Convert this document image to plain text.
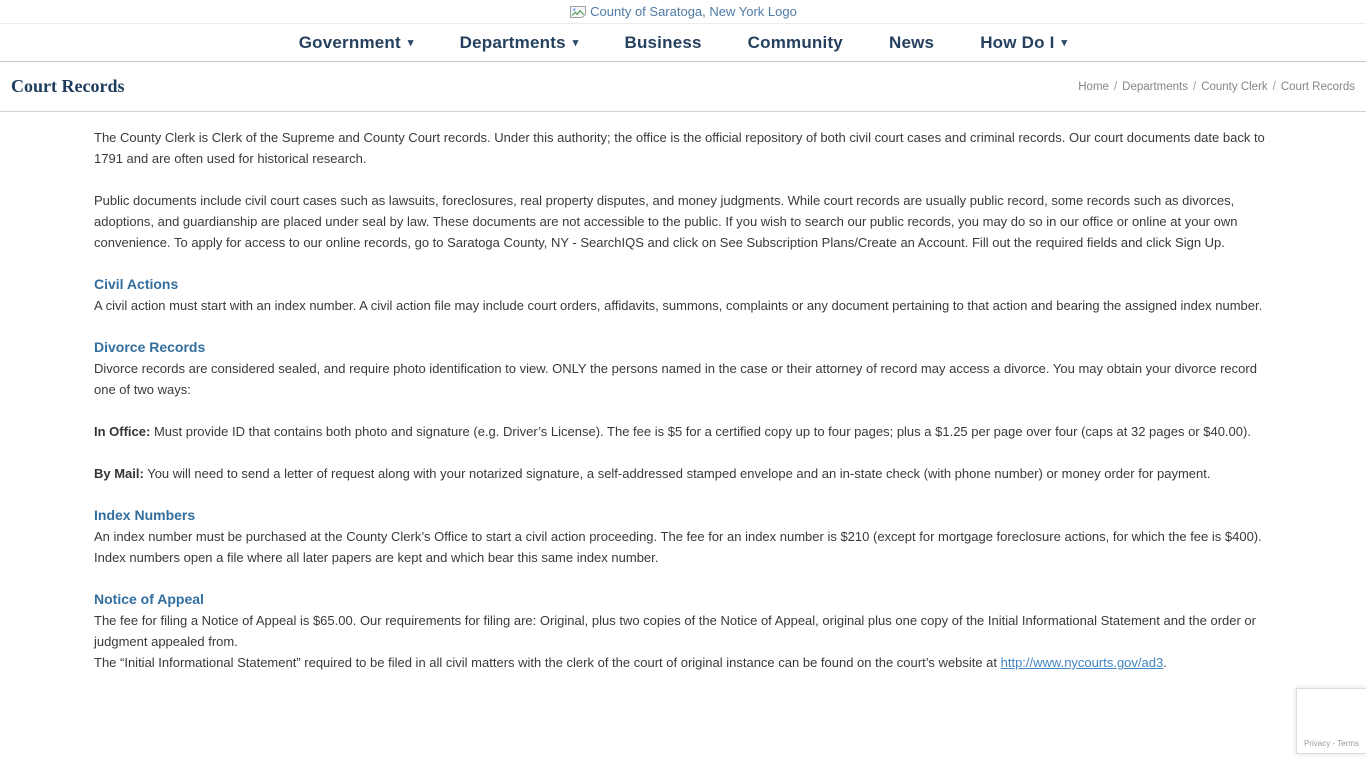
County of Saratoga, New York Logo
Government ▾	Departments ▾	Business	Community	News	How Do I ▾
Court Records	Home / Departments / County Clerk / Court Records

The County Clerk is Clerk of the Supreme and County Court records. Under this authority; the office is the official repository of both civil court cases and criminal records. Our court documents date back to 1791 and are often used for historical research.

Public documents include civil court cases such as lawsuits, foreclosures, real property disputes, and money judgments. While court records are usually public record, some records such as divorces, adoptions, and guardianship are placed under seal by law. These documents are not accessible to the public. If you wish to search our public records, you may do so in our office or online at your own convenience. To apply for access to our online records, go to Saratoga County, NY - SearchIQS and click on See Subscription Plans/Create an Account. Fill out the required fields and click Sign Up.

Civil Actions

A civil action must start with an index number. A civil action file may include court orders, affidavits, summons, complaints or any document pertaining to that action and bearing the assigned index number.

Divorce Records

Divorce records are considered sealed, and require photo identification to view. ONLY the persons named in the case or their attorney of record may access a divorce. You may obtain your divorce record one of two ways:

In Office: Must provide ID that contains both photo and signature (e.g. Driver’s License). The fee is $5 for a certified copy up to four pages; plus a $1.25 per page over four (caps at 32 pages or $40.00).

By Mail: You will need to send a letter of request along with your notarized signature, a self-addressed stamped envelope and an in-state check (with phone number) or money order for payment.

Index Numbers

An index number must be purchased at the County Clerk’s Office to start a civil action proceeding. The fee for an index number is $210 (except for mortgage foreclosure actions, for which the fee is $400). Index numbers open a file where all later papers are kept and which bear this same index number.

Notice of Appeal

The fee for filing a Notice of Appeal is $65.00. Our requirements for filing are: Original, plus two copies of the Notice of Appeal, original plus one copy of the Initial Informational Statement and the order or judgment appealed from.
The “Initial Informational Statement” required to be filed in all civil matters with the clerk of the court of original instance can be found on the court’s website at http://www.nycourts.gov/ad3.

Privacy - Terms
